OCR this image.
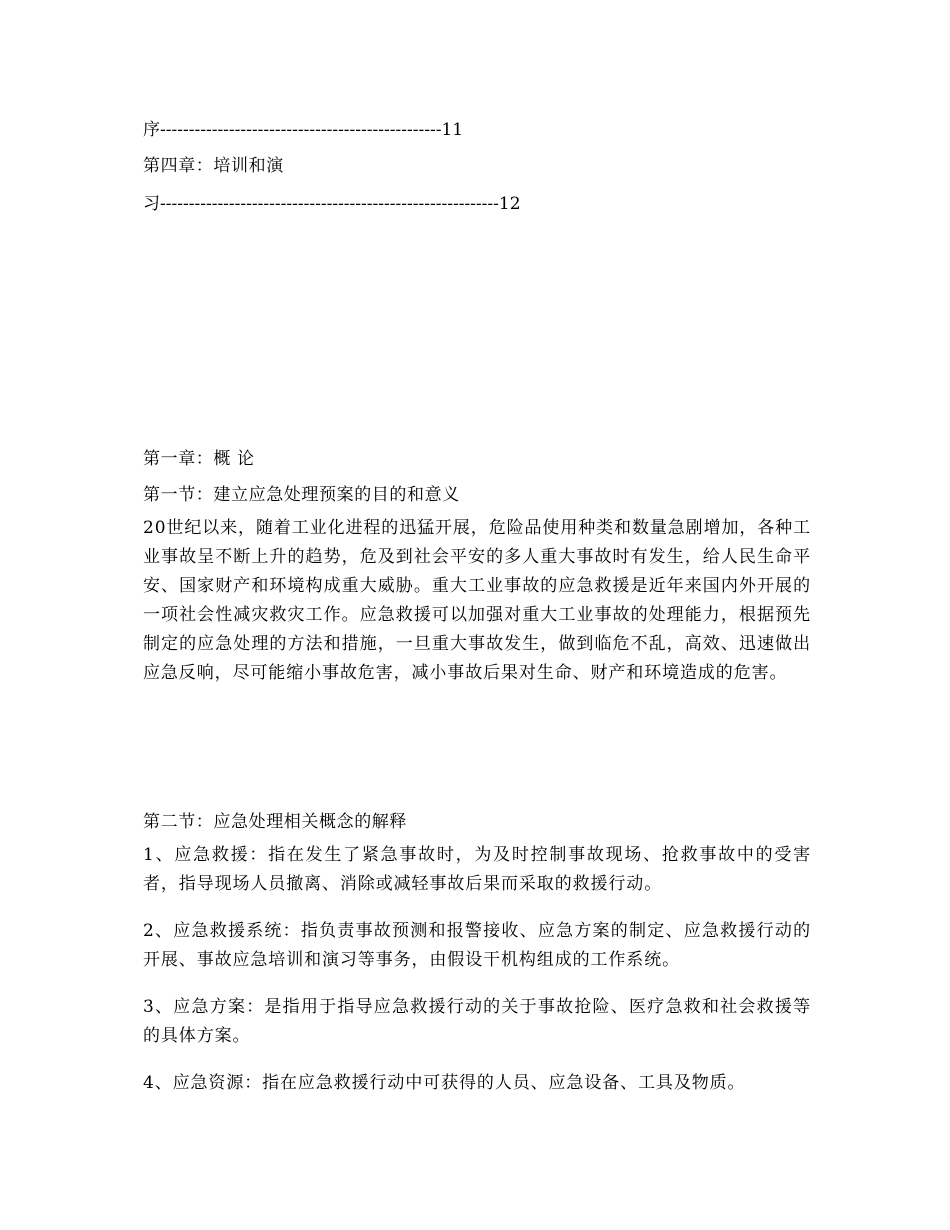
序-------------------------------------------------11
第四章：培训和演
习-----------------------------------------------------------12
第一章：概 论
第一节：建立应急处理预案的目的和意义
20世纪以来，随着工业化进程的迅猛开展，危险品使用种类和数量急剧增加，各种工业事故呈不断上升的趋势，危及到社会平安的多人重大事故时有发生，给人民生命平安、国家财产和环境构成重大威胁。重大工业事故的应急救援是近年来国内外开展的一项社会性减灾救灾工作。应急救援可以加强对重大工业事故的处理能力，根据预先制定的应急处理的方法和措施，一旦重大事故发生，做到临危不乱，高效、迅速做出应急反响，尽可能缩小事故危害，减小事故后果对生命、财产和环境造成的危害。
第二节：应急处理相关概念的解释
1、应急救援：指在发生了紧急事故时，为及时控制事故现场、抢救事故中的受害者，指导现场人员撤离、消除或减轻事故后果而采取的救援行动。
2、应急救援系统：指负责事故预测和报警接收、应急方案的制定、应急救援行动的开展、事故应急培训和演习等事务，由假设干机构组成的工作系统。
3、应急方案：是指用于指导应急救援行动的关于事故抢险、医疗急救和社会救援等的具体方案。
4、应急资源：指在应急救援行动中可获得的人员、应急设备、工具及物质。
